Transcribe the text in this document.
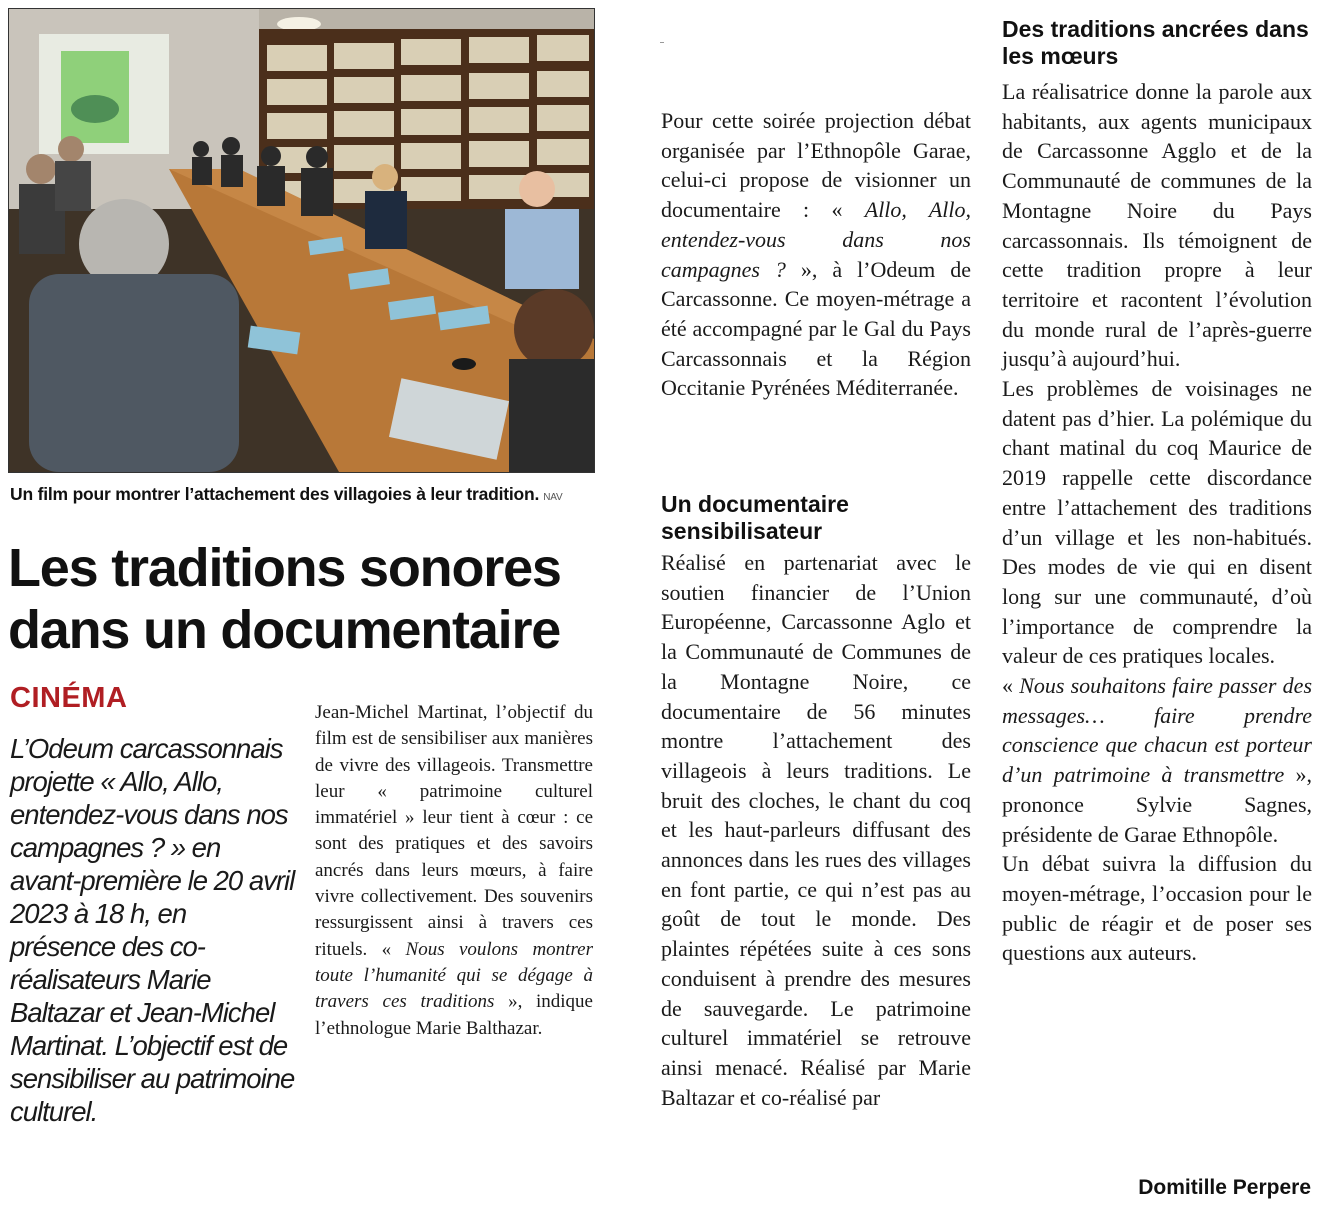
Un film pour montrer l’attachement des villagoies à leur tradition. NAV
Les traditions sonores dans un documentaire
CINÉMA

L’Odeum carcassonnais projette « Allo, Allo, entendez-vous dans nos campagnes ? » en avant-première le 20 avril 2023 à 18 h, en présence des co-réalisateurs Marie Baltazar et Jean-Michel Martinat. L’objectif est de sensibiliser au patrimoine culturel.

Jean-Michel Martinat, l’objectif du film est de sensibiliser aux manières de vivre des villageois. Transmettre leur « patrimoine culturel immatériel » leur tient à cœur : ce sont des pratiques et des savoirs ancrés dans leurs mœurs, à faire vivre collectivement. Des souvenirs ressurgissent ainsi à travers ces rituels. « Nous voulons montrer toute l’humanité qui se dégage à travers ces traditions », indique l’ethnologue Marie Balthazar.

Pour cette soirée projection débat organisée par l’Ethnopôle Garae, celui-ci propose de visionner un documentaire : « Allo, Allo, entendez-vous dans nos campagnes ? », à l’Odeum de Carcassonne. Ce moyen-métrage a été accompagné par le Gal du Pays Carcassonnais et la Région Occitanie Pyrénées Méditerranée.

Un documentaire sensibilisateur

Réalisé en partenariat avec le soutien financier de l’Union Européenne, Carcassonne Aglo et la Communauté de Communes de la Montagne Noire, ce documentaire de 56 minutes montre l’attachement des villageois à leurs traditions. Le bruit des cloches, le chant du coq et les haut-parleurs diffusant des annonces dans les rues des villages en font partie, ce qui n’est pas au goût de tout le monde. Des plaintes répétées suite à ces sons conduisent à prendre des mesures de sauvegarde. Le patrimoine culturel immatériel se retrouve ainsi menacé. Réalisé par Marie Baltazar et co-réalisé par

Des traditions ancrées dans les mœurs

La réalisatrice donne la parole aux habitants, aux agents municipaux de Carcassonne Agglo et de la Communauté de communes de la Montagne Noire du Pays carcassonnais. Ils témoignent de cette tradition propre à leur territoire et racontent l’évolution du monde rural de l’après-guerre jusqu’à aujourd’hui.

Les problèmes de voisinages ne datent pas d’hier. La polémique du chant matinal du coq Maurice de 2019 rappelle cette discordance entre l’attachement des traditions d’un village et les non-habitués. Des modes de vie qui en disent long sur une communauté, d’où l’importance de comprendre la valeur de ces pratiques locales.

« Nous souhaitons faire passer des messages… faire prendre conscience que chacun est porteur d’un patrimoine à transmettre », prononce Sylvie Sagnes, présidente de Garae Ethnopôle.

Un débat suivra la diffusion du moyen-métrage, l’occasion pour le public de réagir et de poser ses questions aux auteurs.

Domitille Perpere
